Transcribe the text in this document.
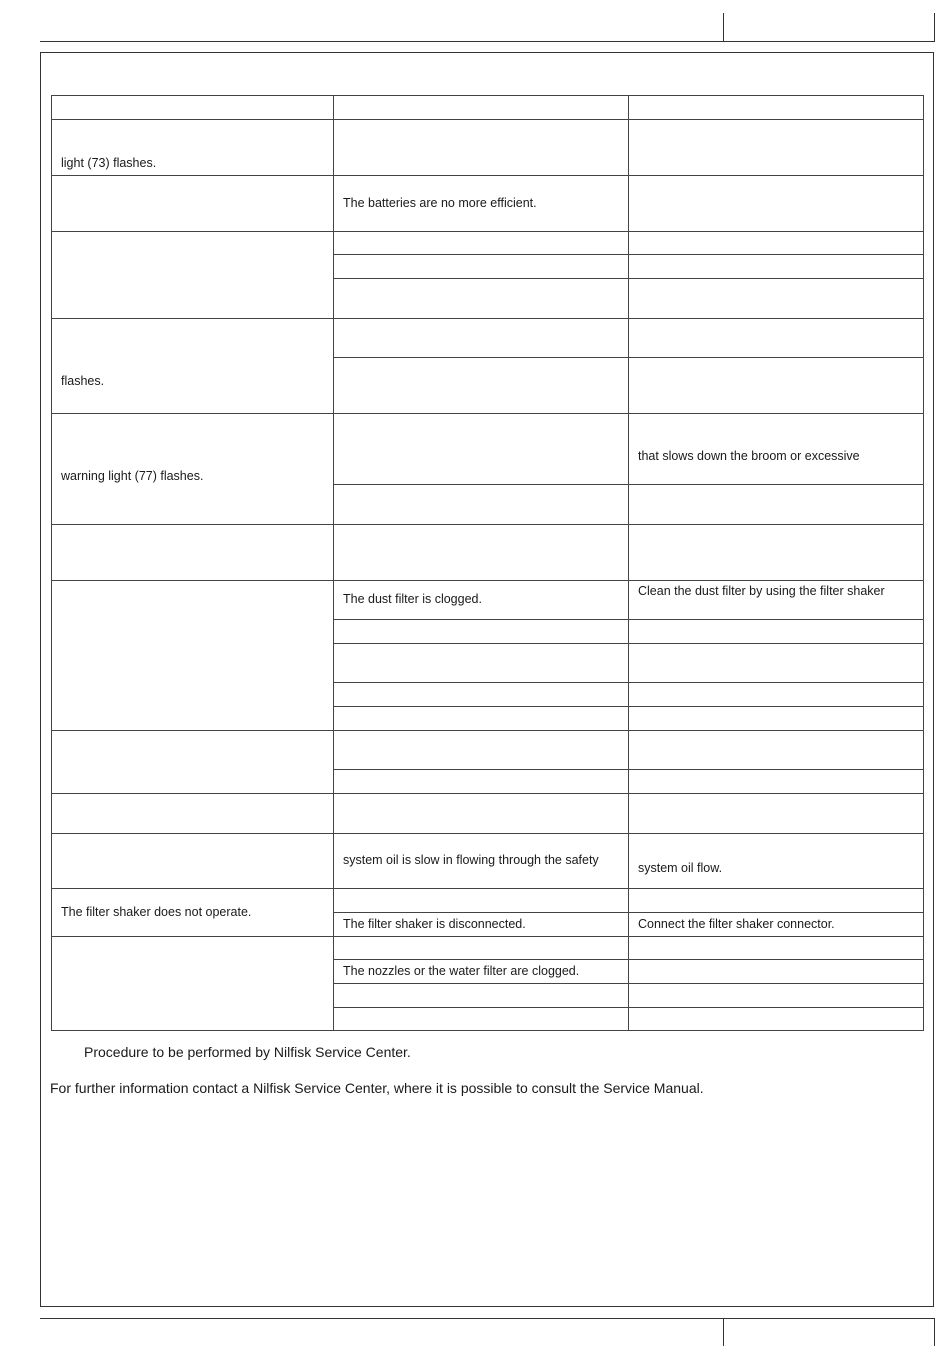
light (73) flashes.		

	The batteries are no more efficient.	

flashes.		

warning light (77) flashes.		that slows down the broom or excessive

	The dust filter is clogged.	Clean the dust filter by using the filter shaker

	system oil is slow in flowing through the safety	system oil flow.

The filter shaker does not operate.		

	The filter shaker is disconnected.	Connect the filter shaker connector.

	The nozzles or the water filter are clogged.	

Procedure to be performed by Nilfisk Service Center.
For further information contact a Nilfisk Service Center, where it is possible to consult the Service Manual.
